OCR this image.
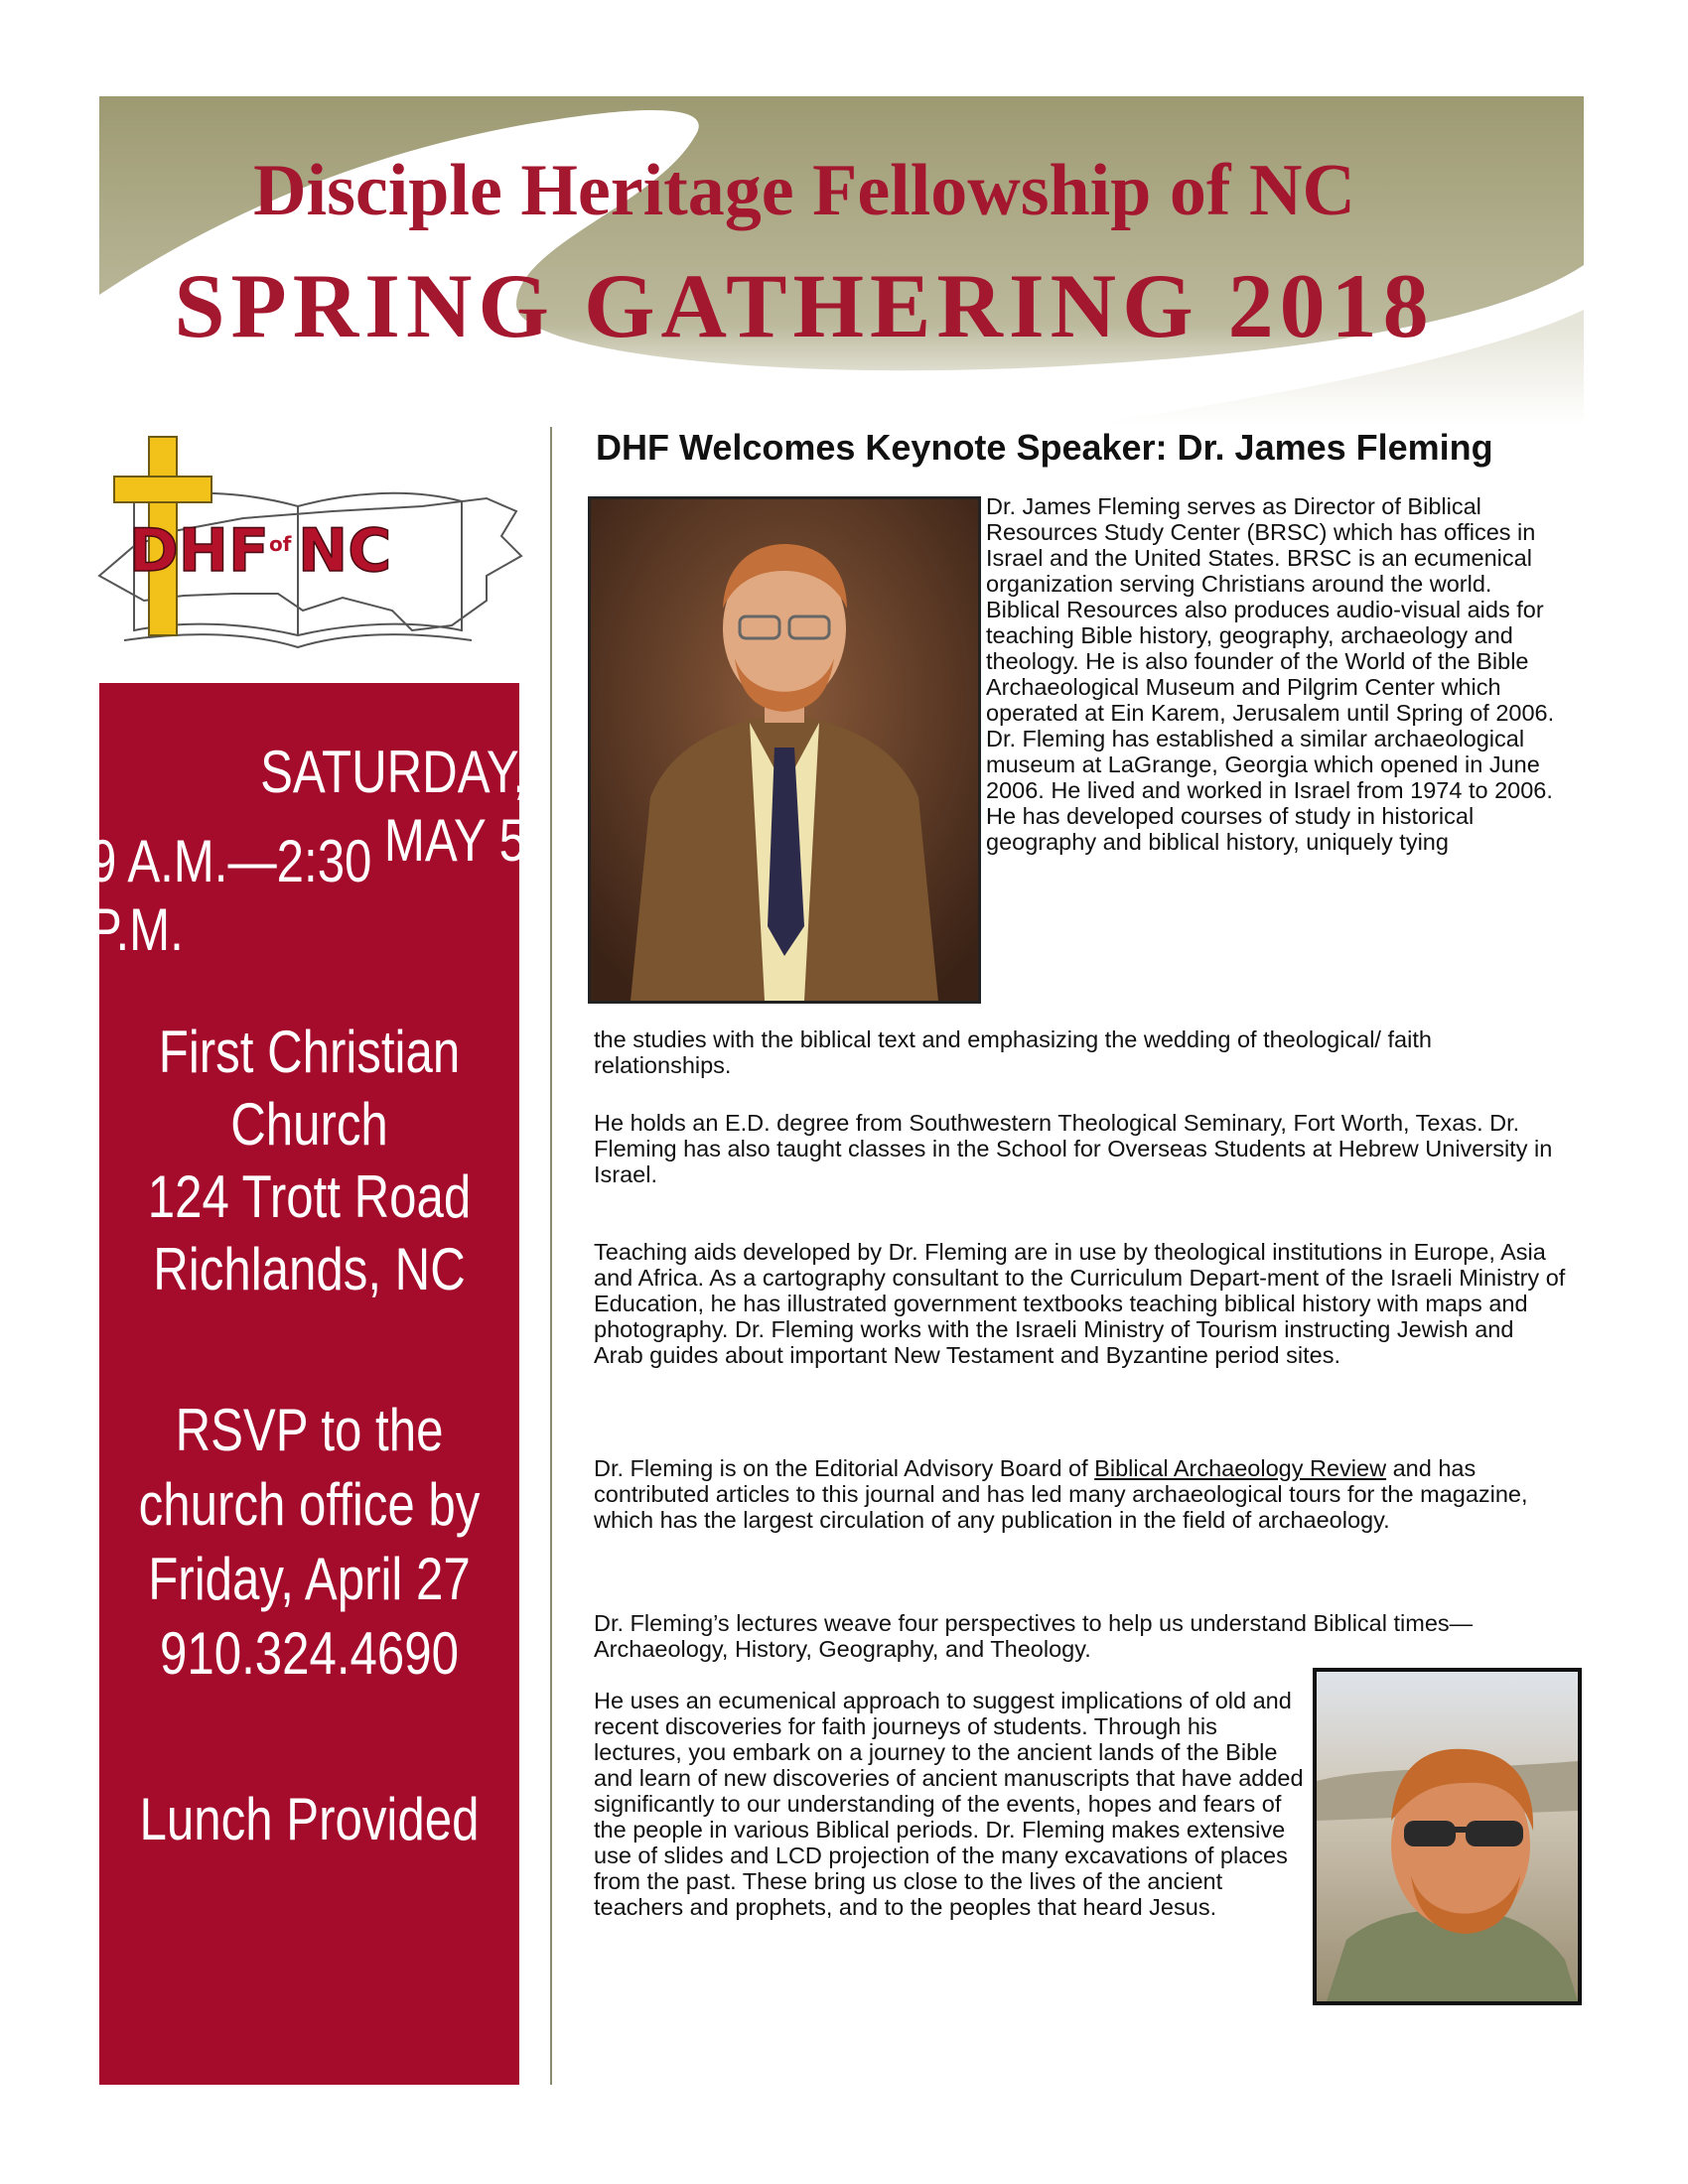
Disciple Heritage Fellowship of NC
SPRING GATHERING 2018
DHF of NC
SATURDAY, MAY 5
9 A.M.—2:30 P.M.
First Christian
Church
124 Trott Road
Richlands, NC
RSVP to the
church office by
Friday, April 27
910.324.4690
Lunch Provided
DHF Welcomes Keynote Speaker: Dr. James Fleming
Dr. James Fleming serves as Director of Biblical Resources Study Center (BRSC) which has offices in Israel and the United States. BRSC is an ecumenical organization serving Christians around the world. Biblical Resources also produces audio-visual aids for teaching Bible history, geography, archaeology and theology. He is also founder of the World of the Bible Archaeological Museum and Pilgrim Center which operated at Ein Karem, Jerusalem until Spring of 2006. Dr. Fleming has established a similar archaeological museum at LaGrange, Georgia which opened in June 2006. He lived and worked in Israel from 1974 to 2006. He has developed courses of study in historical geography and biblical history, uniquely tying
the studies with the biblical text and emphasizing the wedding of theological/ faith relationships.

He holds an E.D. degree from Southwestern Theological Seminary, Fort Worth, Texas. Dr. Fleming has also taught classes in the School for Overseas Students at Hebrew University in Israel.

Teaching aids developed by Dr. Fleming are in use by theological institutions in Europe, Asia and Africa. As a cartography consultant to the Curriculum Depart-ment of the Israeli Ministry of Education, he has illustrated government textbooks teaching biblical history with maps and photography. Dr. Fleming works with the Israeli Ministry of Tourism instructing Jewish and Arab guides about important New Testament and Byzantine period sites.

Dr. Fleming is on the Editorial Advisory Board of Biblical Archaeology Review and has contributed articles to this journal and has led many archaeological tours for the magazine, which has the largest circulation of any publication in the field of archaeology.

Dr. Fleming’s lectures weave four perspectives to help us understand Biblical times—Archaeology, History, Geography, and Theology.

He uses an ecumenical approach to suggest implications of old and recent discoveries for faith journeys of students. Through his lectures, you embark on a journey to the ancient lands of the Bible and learn of new discoveries of ancient manuscripts that have added significantly to our understanding of the events, hopes and fears of the people in various Biblical periods. Dr. Fleming makes extensive use of slides and LCD projection of the many excavations of places from the past. These bring us close to the lives of the ancient teachers and prophets, and to the peoples that heard Jesus.
